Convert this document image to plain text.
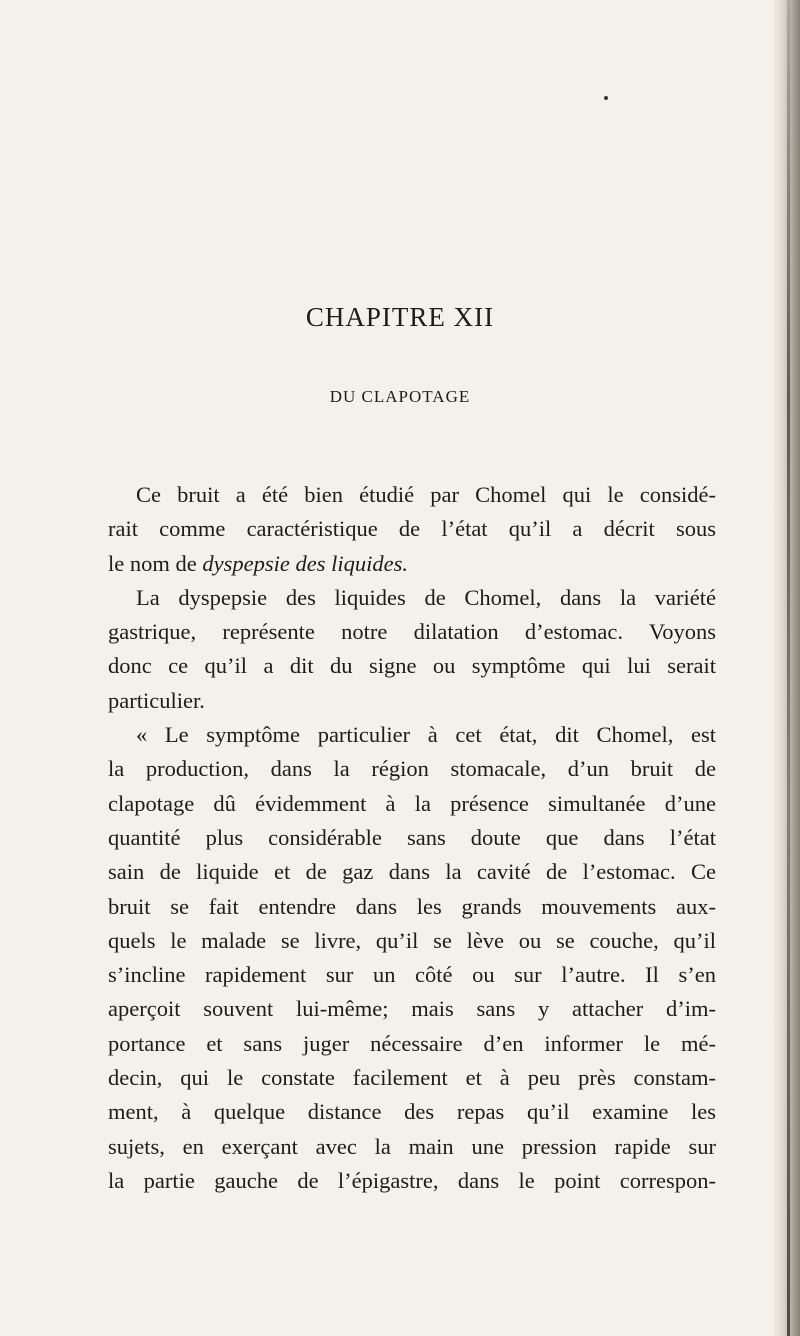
CHAPITRE XII
DU CLAPOTAGE
Ce bruit a été bien étudié par Chomel qui le considé-
rait comme caractéristique de l’état qu’il a décrit sous
le nom de dyspepsie des liquides.
La dyspepsie des liquides de Chomel, dans la variété
gastrique, représente notre dilatation d’estomac. Voyons
donc ce qu’il a dit du signe ou symptôme qui lui serait
particulier.
« Le symptôme particulier à cet état, dit Chomel, est
la production, dans la région stomacale, d’un bruit de
clapotage dû évidemment à la présence simultanée d’une
quantité plus considérable sans doute que dans l’état
sain de liquide et de gaz dans la cavité de l’estomac. Ce
bruit se fait entendre dans les grands mouvements aux-
quels le malade se livre, qu’il se lève ou se couche, qu’il
s’incline rapidement sur un côté ou sur l’autre. Il s’en
aperçoit souvent lui-même; mais sans y attacher d’im-
portance et sans juger nécessaire d’en informer le mé-
decin, qui le constate facilement et à peu près constam-
ment, à quelque distance des repas qu’il examine les
sujets, en exerçant avec la main une pression rapide sur
la partie gauche de l’épigastre, dans le point correspon-
